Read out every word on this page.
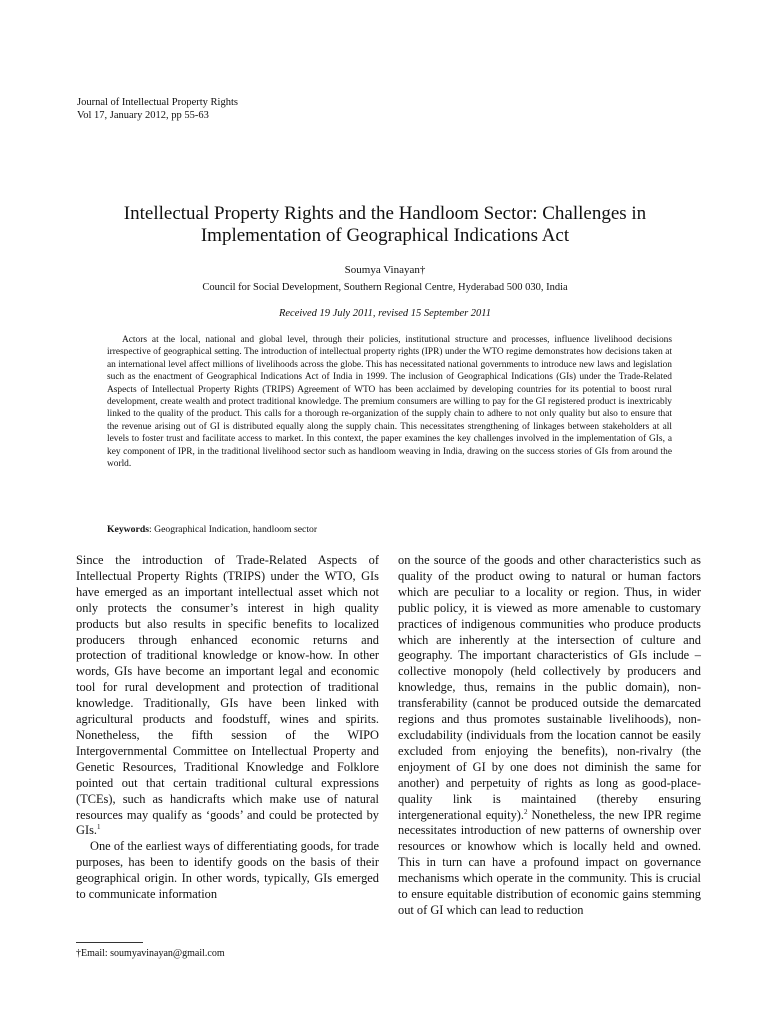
Journal of Intellectual Property Rights
Vol 17, January 2012, pp 55-63
Intellectual Property Rights and the Handloom Sector: Challenges in Implementation of Geographical Indications Act
Soumya Vinayan†
Council for Social Development, Southern Regional Centre, Hyderabad 500 030, India
Received 19 July 2011, revised 15 September 2011

Actors at the local, national and global level, through their policies, institutional structure and processes, influence livelihood decisions irrespective of geographical setting. The introduction of intellectual property rights (IPR) under the WTO regime demonstrates how decisions taken at an international level affect millions of livelihoods across the globe. This has necessitated national governments to introduce new laws and legislation such as the enactment of Geographical Indications Act of India in 1999. The inclusion of Geographical Indications (GIs) under the Trade-Related Aspects of Intellectual Property Rights (TRIPS) Agreement of WTO has been acclaimed by developing countries for its potential to boost rural development, create wealth and protect traditional knowledge. The premium consumers are willing to pay for the GI registered product is inextricably linked to the quality of the product. This calls for a thorough re-organization of the supply chain to adhere to not only quality but also to ensure that the revenue arising out of GI is distributed equally along the supply chain. This necessitates strengthening of linkages between stakeholders at all levels to foster trust and facilitate access to market. In this context, the paper examines the key challenges involved in the implementation of GIs, a key component of IPR, in the traditional livelihood sector such as handloom weaving in India, drawing on the success stories of GIs from around the world.

Keywords: Geographical Indication, handloom sector

Since the introduction of Trade-Related Aspects of Intellectual Property Rights (TRIPS) under the WTO, GIs have emerged as an important intellectual asset which not only protects the consumer’s interest in high quality products but also results in specific benefits to localized producers through enhanced economic returns and protection of traditional knowledge or know-how. In other words, GIs have become an important legal and economic tool for rural development and protection of traditional knowledge. Traditionally, GIs have been linked with agricultural products and foodstuff, wines and spirits. Nonetheless, the fifth session of the WIPO Intergovernmental Committee on Intellectual Property and Genetic Resources, Traditional Knowledge and Folklore pointed out that certain traditional cultural expressions (TCEs), such as handicrafts which make use of natural resources may qualify as ‘goods’ and could be protected by GIs.$^1$

One of the earliest ways of differentiating goods, for trade purposes, has been to identify goods on the basis of their geographical origin. In other words, typically, GIs emerged to communicate information

on the source of the goods and other characteristics such as quality of the product owing to natural or human factors which are peculiar to a locality or region. Thus, in wider public policy, it is viewed as more amenable to customary practices of indigenous communities who produce products which are inherently at the intersection of culture and geography. The important characteristics of GIs include – collective monopoly (held collectively by producers and knowledge, thus, remains in the public domain), non-transferability (cannot be produced outside the demarcated regions and thus promotes sustainable livelihoods), non-excludability (individuals from the location cannot be easily excluded from enjoying the benefits), non-rivalry (the enjoyment of GI by one does not diminish the same for another) and perpetuity of rights as long as good-place-quality link is maintained (thereby ensuring intergenerational equity).$^2$ Nonetheless, the new IPR regime necessitates introduction of new patterns of ownership over resources or knowhow which is locally held and owned. This in turn can have a profound impact on governance mechanisms which operate in the community. This is crucial to ensure equitable distribution of economic gains stemming out of GI which can lead to reduction

†Email: soumyavinayan@gmail.com
